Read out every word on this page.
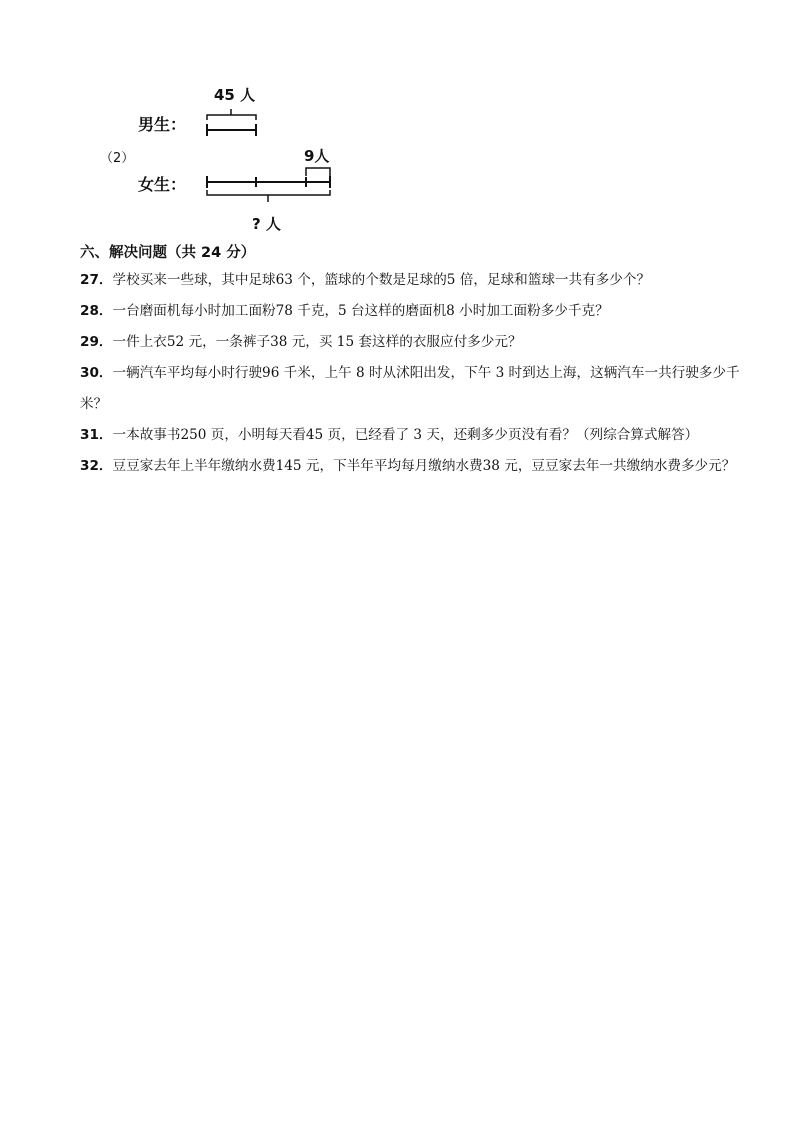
（2）
男生：
45 人
9人
女生：
? 人
六、解决问题（共 24 分）
27．学校买来一些球，其中足球63 个，篮球的个数是足球的5 倍，足球和篮球一共有多少个？
28．一台磨面机每小时加工面粉78 千克，5 台这样的磨面机8 小时加工面粉多少千克？
29．一件上衣52 元，一条裤子38 元，买 15 套这样的衣服应付多少元？
30．一辆汽车平均每小时行驶96 千米，上午 8 时从沭阳出发，下午 3 时到达上海，这辆汽车一共行驶多少千米？
31．一本故事书250 页，小明每天看45 页，已经看了 3 天，还剩多少页没有看？（列综合算式解答）
32．豆豆家去年上半年缴纳水费145 元，下半年平均每月缴纳水费38 元，豆豆家去年一共缴纳水费多少元？
